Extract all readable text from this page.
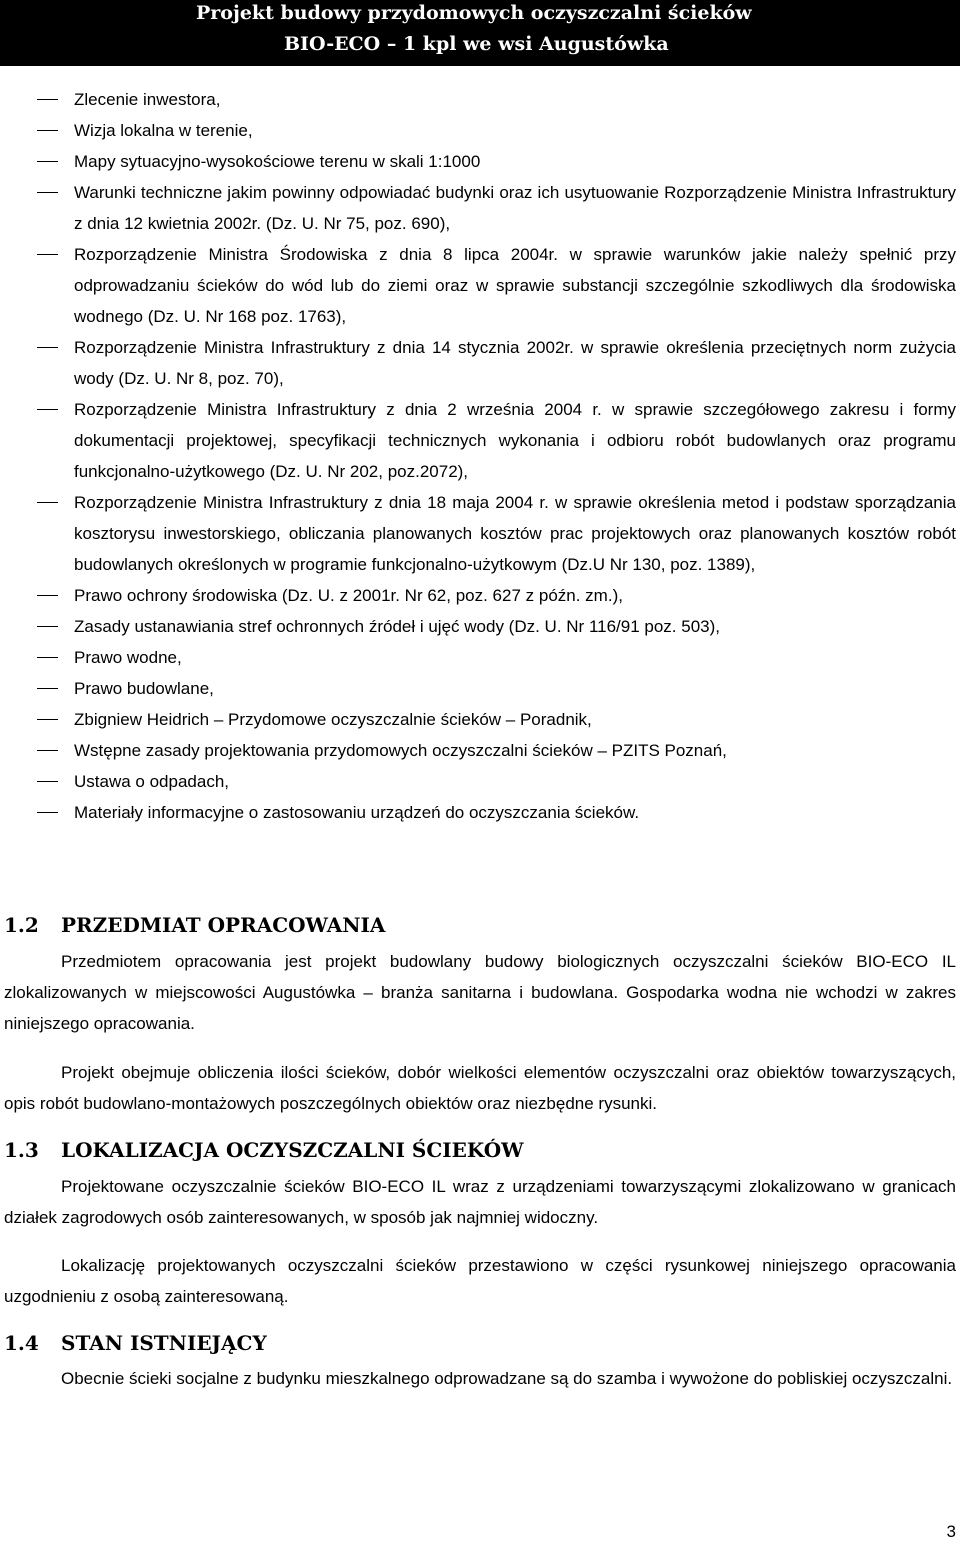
Projekt budowy przydomowych oczyszczalni ścieków
BIO-ECO – 1 kpl we wsi Augustówka

Zlecenie inwestora,

Wizja lokalna w terenie,

Mapy sytuacyjno-wysokościowe terenu w skali 1:1000

Warunki techniczne jakim powinny odpowiadać budynki oraz ich usytuowanie Rozporządzenie Ministra Infrastruktury z dnia 12 kwietnia 2002r. (Dz. U. Nr 75, poz. 690),

Rozporządzenie Ministra Środowiska z dnia 8 lipca 2004r. w sprawie warunków jakie należy spełnić przy odprowadzaniu ścieków do wód lub do ziemi oraz w sprawie substancji szczególnie szkodliwych dla środowiska wodnego (Dz. U. Nr 168 poz. 1763),

Rozporządzenie Ministra Infrastruktury z dnia 14 stycznia 2002r. w sprawie określenia przeciętnych norm zużycia wody (Dz. U. Nr 8, poz. 70),

Rozporządzenie Ministra Infrastruktury z dnia 2 września 2004 r. w sprawie szczegółowego zakresu i formy dokumentacji projektowej, specyfikacji technicznych wykonania i odbioru robót budowlanych oraz programu funkcjonalno-użytkowego (Dz. U. Nr 202, poz.2072),

Rozporządzenie Ministra Infrastruktury z dnia 18 maja 2004 r. w sprawie określenia metod i podstaw sporządzania kosztorysu inwestorskiego, obliczania planowanych kosztów prac projektowych oraz planowanych kosztów robót budowlanych określonych w programie funkcjonalno-użytkowym (Dz.U Nr 130, poz. 1389),

Prawo ochrony środowiska (Dz. U. z 2001r. Nr 62, poz. 627 z późn. zm.),

Zasady ustanawiania stref ochronnych źródeł i ujęć wody (Dz. U. Nr 116/91 poz. 503),

Prawo wodne,

Prawo budowlane,

Zbigniew Heidrich – Przydomowe oczyszczalnie ścieków – Poradnik,

Wstępne zasady projektowania przydomowych oczyszczalni ścieków – PZITS Poznań,

Ustawa o odpadach,

Materiały informacyjne o zastosowaniu urządzeń do oczyszczania ścieków.

1.2 PRZEDMIAT OPRACOWANIA

Przedmiotem opracowania jest projekt budowlany budowy biologicznych oczyszczalni ścieków BIO-ECO IL zlokalizowanych w miejscowości Augustówka – branża sanitarna i budowlana. Gospodarka wodna nie wchodzi w zakres niniejszego opracowania.

Projekt obejmuje obliczenia ilości ścieków, dobór wielkości elementów oczyszczalni oraz obiektów towarzyszących, opis robót budowlano-montażowych poszczególnych obiektów oraz niezbędne rysunki.

1.3 LOKALIZACJA OCZYSZCZALNI ŚCIEKÓW

Projektowane oczyszczalnie ścieków BIO-ECO IL wraz z urządzeniami towarzyszącymi zlokalizowano w granicach działek zagrodowych osób zainteresowanych, w sposób jak najmniej widoczny.

Lokalizację projektowanych oczyszczalni ścieków przestawiono w części rysunkowej niniejszego opracowania uzgodnieniu z osobą zainteresowaną.

1.4 STAN ISTNIEJĄCY

Obecnie ścieki socjalne z budynku mieszkalnego odprowadzane są do szamba i wywożone do pobliskiej oczyszczalni.

3
